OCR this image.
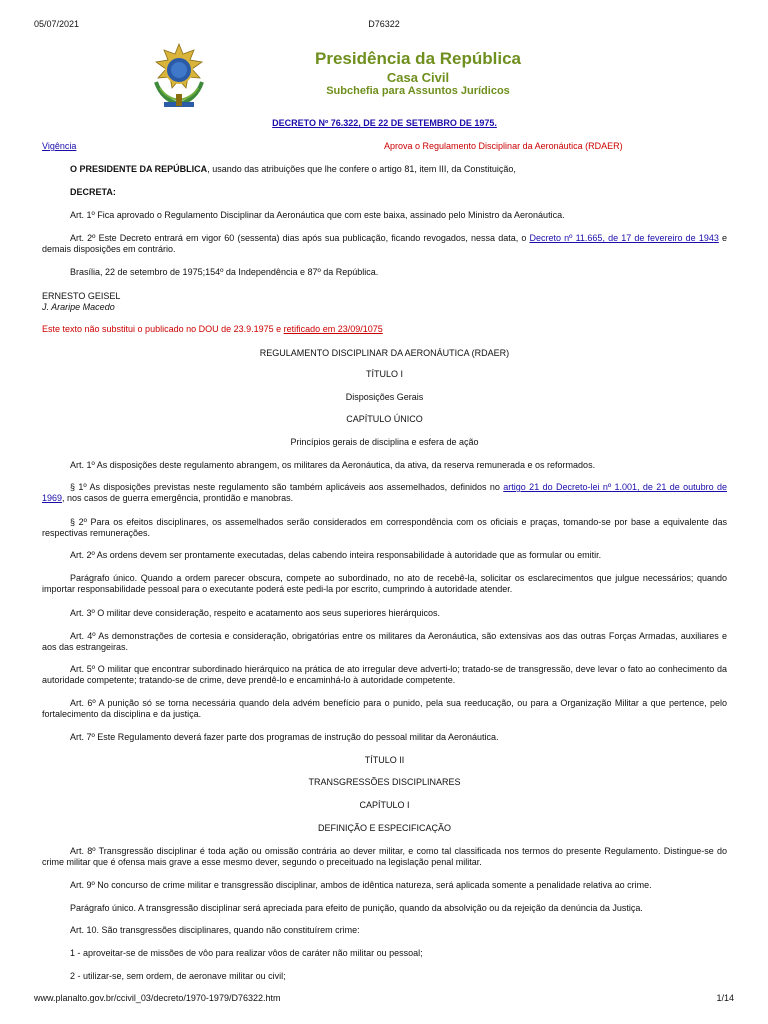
05/07/2021	D76322
Presidência da República
Casa Civil
Subchefia para Assuntos Jurídicos
DECRETO Nº 76.322, DE 22 DE SETEMBRO DE 1975.
Vigência	Aprova o Regulamento Disciplinar da Aeronáutica (RDAER)
O PRESIDENTE DA REPÚBLICA, usando das atribuições que lhe confere o artigo 81, item III, da Constituição,
DECRETA:
Art. 1º Fica aprovado o Regulamento Disciplinar da Aeronáutica que com este baixa, assinado pelo Ministro da Aeronáutica.
Art. 2º Este Decreto entrará em vigor 60 (sessenta) dias após sua publicação, ficando revogados, nessa data, o Decreto nº 11.665, de 17 de fevereiro de 1943 e demais disposições em contrário.
Brasília, 22 de setembro de 1975;154º da Independência e 87º da República.
ERNESTO GEISEL
J. Araripe Macedo
Este texto não substitui o publicado no DOU de 23.9.1975 e retificado em 23/09/1075
REGULAMENTO DISCIPLINAR DA AERONÁUTICA (RDAER)
TÍTULO I
Disposições Gerais
CAPÍTULO ÚNICO
Princípios gerais de disciplina e esfera de ação
Art. 1º As disposições deste regulamento abrangem, os militares da Aeronáutica, da ativa, da reserva remunerada e os reformados.
§ 1º As disposições previstas neste regulamento são também aplicáveis aos assemelhados, definidos no artigo 21 do Decreto-lei nº 1.001, de 21 de outubro de 1969, nos casos de guerra emergência, prontidão e manobras.
§ 2º Para os efeitos disciplinares, os assemelhados serão considerados em correspondência com os oficiais e praças, tomando-se por base a equivalente das respectivas remunerações.
Art. 2º As ordens devem ser prontamente executadas, delas cabendo inteira responsabilidade à autoridade que as formular ou emitir.
Parágrafo único. Quando a ordem parecer obscura, compete ao subordinado, no ato de recebê-la, solicitar os esclarecimentos que julgue necessários; quando importar responsabilidade pessoal para o executante poderá este pedi-la por escrito, cumprindo à autoridade atender.
Art. 3º O militar deve consideração, respeito e acatamento aos seus superiores hierárquicos.
Art. 4º As demonstrações de cortesia e consideração, obrigatórias entre os militares da Aeronáutica, são extensivas aos das outras Forças Armadas, auxiliares e aos das estrangeiras.
Art. 5º O militar que encontrar subordinado hierárquico na prática de ato irregular deve adverti-lo; tratado-se de transgressão, deve levar o fato ao conhecimento da autoridade competente; tratando-se de crime, deve prendê-lo e encaminhá-lo à autoridade competente.
Art. 6º A punição só se torna necessária quando dela advém benefício para o punido, pela sua reeducação, ou para a Organização Militar a que pertence, pelo fortalecimento da disciplina e da justiça.
Art. 7º Este Regulamento deverá fazer parte dos programas de instrução do pessoal militar da Aeronáutica.
TÍTULO II
TRANSGRESSÕES DISCIPLINARES
CAPÍTULO I
DEFINIÇÃO E ESPECIFICAÇÃO
Art. 8º Transgressão disciplinar é toda ação ou omissão contrária ao dever militar, e como tal classificada nos termos do presente Regulamento. Distingue-se do crime militar que é ofensa mais grave a esse mesmo dever, segundo o preceituado na legislação penal militar.
Art. 9º No concurso de crime militar e transgressão disciplinar, ambos de idêntica natureza, será aplicada somente a penalidade relativa ao crime.
Parágrafo único. A transgressão disciplinar será apreciada para efeito de punição, quando da absolvição ou da rejeição da denúncia da Justiça.
Art. 10. São transgressões disciplinares, quando não constituírem crime:
1 - aproveitar-se de missões de vôo para realizar vôos de caráter não militar ou pessoal;
2 - utilizar-se, sem ordem, de aeronave militar ou civil;
www.planalto.gov.br/ccivil_03/decreto/1970-1979/D76322.htm	1/14
